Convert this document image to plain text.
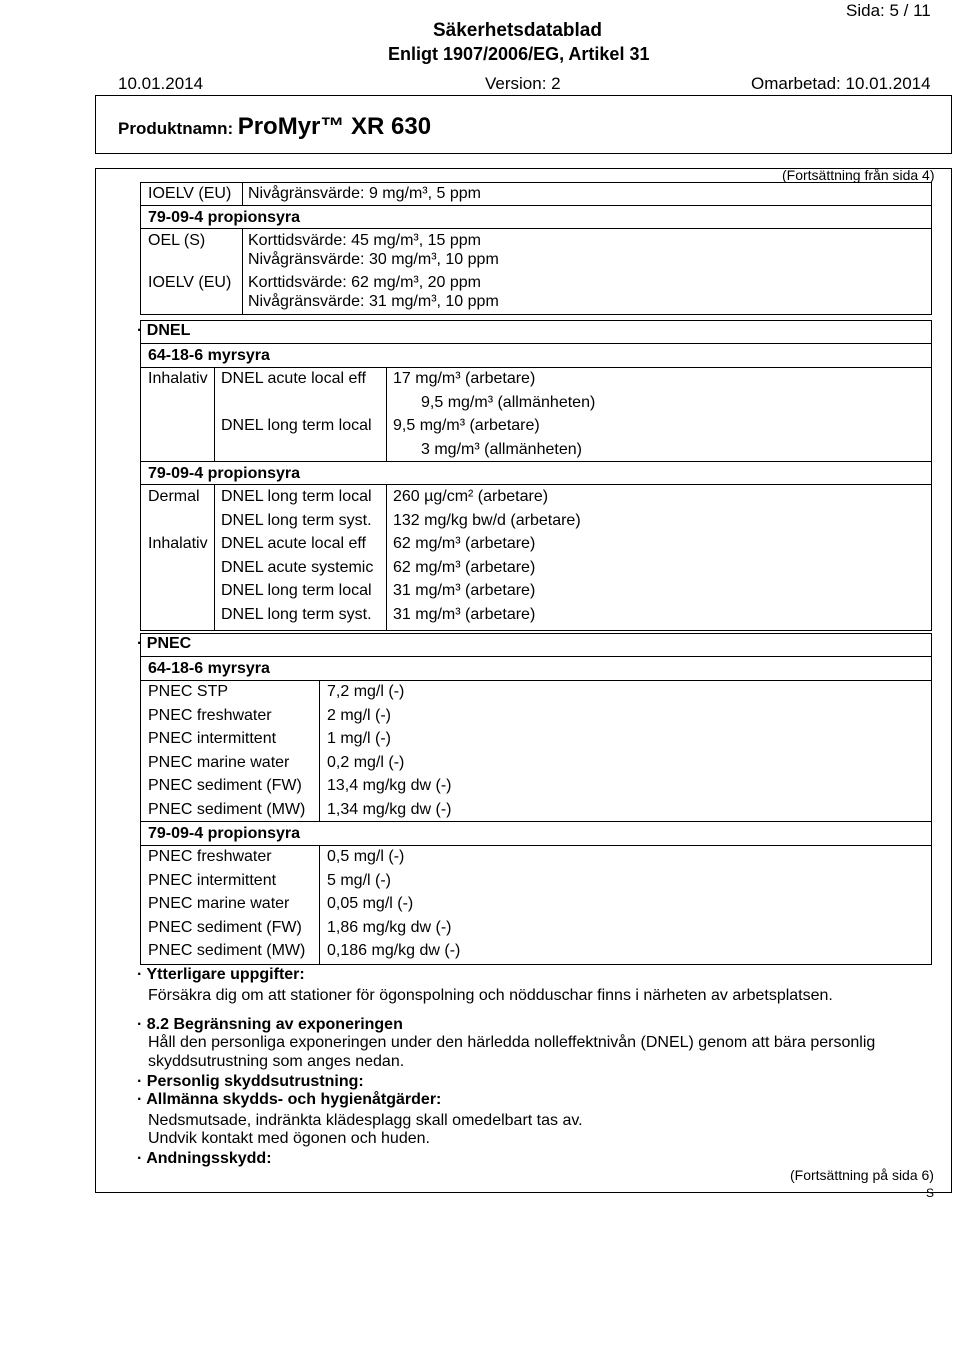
Sida: 5 / 11
Säkerhetsdatablad
Enligt 1907/2006/EG, Artikel 31
10.01.2014	Version: 2	Omarbetad: 10.01.2014
Produktnamn: ProMyr™ XR 630
(Fortsättning från sida 4)
IOELV (EU) Nivågränsvärde: 9 mg/m³, 5 ppm
79-09-4 propionsyra
OEL (S)	Korttidsvärde: 45 mg/m³, 15 ppm
Nivågränsvärde: 30 mg/m³, 10 ppm
IOELV (EU) Korttidsvärde: 62 mg/m³, 20 ppm
Nivågränsvärde: 31 mg/m³, 10 ppm
· DNEL
64-18-6 myrsyra
Inhalativ DNEL acute local eff 17 mg/m³ (arbetare)
9,5 mg/m³ (allmänheten)
DNEL long term local 9,5 mg/m³ (arbetare)
3 mg/m³ (allmänheten)
79-09-4 propionsyra
Dermal DNEL long term local 260 µg/cm² (arbetare)
DNEL long term syst. 132 mg/kg bw/d (arbetare)
Inhalativ DNEL acute local eff 62 mg/m³ (arbetare)
DNEL acute systemic 62 mg/m³ (arbetare)
DNEL long term local 31 mg/m³ (arbetare)
DNEL long term syst. 31 mg/m³ (arbetare)
· PNEC
64-18-6 myrsyra
PNEC STP	7,2 mg/l (-)
PNEC freshwater	2 mg/l (-)
PNEC intermittent	1 mg/l (-)
PNEC marine water 0,2 mg/l (-)
PNEC sediment (FW) 13,4 mg/kg dw (-)
PNEC sediment (MW) 1,34 mg/kg dw (-)
79-09-4 propionsyra
PNEC freshwater	0,5 mg/l (-)
PNEC intermittent	5 mg/l (-)
PNEC marine water 0,05 mg/l (-)
PNEC sediment (FW) 1,86 mg/kg dw (-)
PNEC sediment (MW) 0,186 mg/kg dw (-)
· Ytterligare uppgifter:
Försäkra dig om att stationer för ögonspolning och nödduschar finns i närheten av arbetsplatsen.
· 8.2 Begränsning av exponeringen
Håll den personliga exponeringen under den härledda nolleffektnivån (DNEL) genom att bära personlig
skyddsutrustning som anges nedan.
· Personlig skyddsutrustning:
· Allmänna skydds- och hygienåtgärder:
Nedsmutsade, indränkta klädesplagg skall omedelbart tas av.
Undvik kontakt med ögonen och huden.
· Andningsskydd:
(Fortsättning på sida 6)
S
